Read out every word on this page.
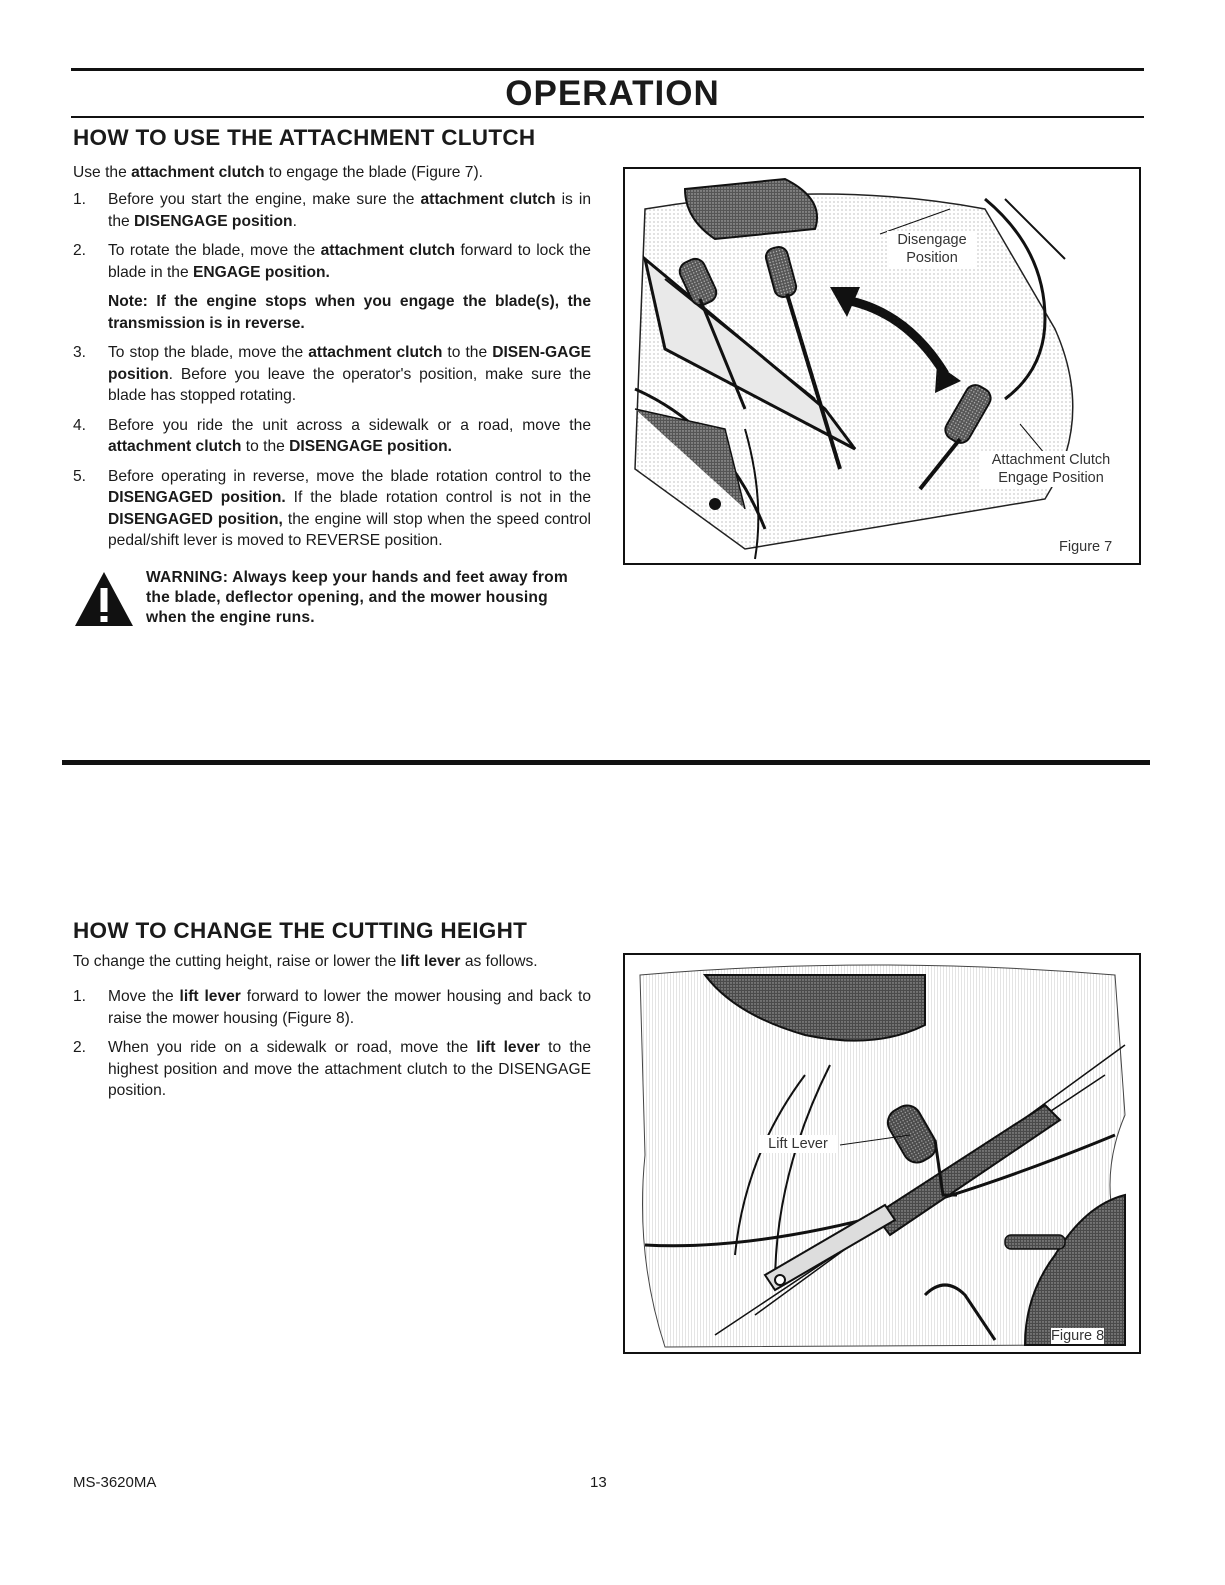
OPERATION
HOW TO USE THE ATTACHMENT CLUTCH
Use the attachment clutch to engage the blade (Figure 7).
1. Before you start the engine, make sure the attachment clutch is in the DISENGAGE position.
2. To rotate the blade, move the attachment clutch forward to lock the blade in the ENGAGE position.
Note: If the engine stops when you engage the blade(s), the transmission is in reverse.
3. To stop the blade, move the attachment clutch to the DISEN-GAGE position. Before you leave the operator's position, make sure the blade has stopped rotating.
4. Before you ride the unit across a sidewalk or a road, move the attachment clutch to the DISENGAGE position.
5. Before operating in reverse, move the blade rotation control to the DISENGAGED position. If the blade rotation control is not in the DISENGAGED position, the engine will stop when the speed control pedal/shift lever is moved to REVERSE position.
WARNING: Always keep your hands and feet away from the blade, deflector opening, and the mower housing when the engine runs.
Disengage Position
Attachment Clutch Engage Position
Figure 7
HOW TO CHANGE THE CUTTING HEIGHT
To change the cutting height, raise or lower the lift lever as follows.
1. Move the lift lever forward to lower the mower housing and back to raise the mower housing (Figure 8).
2. When you ride on a sidewalk or road, move the lift lever to the highest position and move the attachment clutch to the DISENGAGE position.
Lift Lever
Figure 8
MS-3620MA	13
